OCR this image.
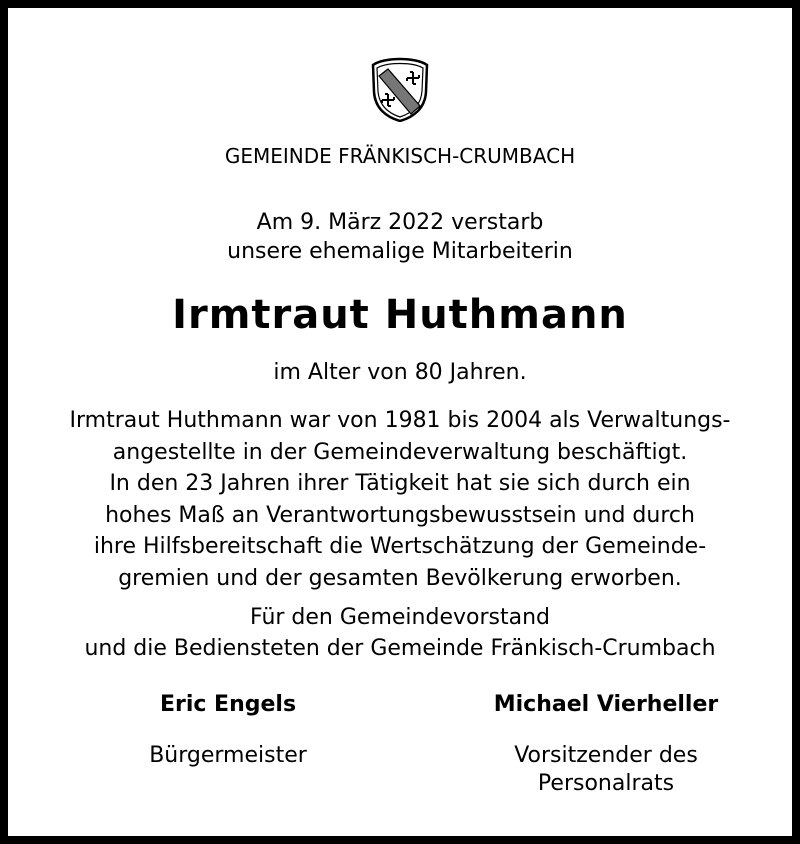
GEMEINDE FRÄNKISCH-CRUMBACH
Am 9. März 2022 verstarb
unsere ehemalige Mitarbeiterin
Irmtraut Huthmann
im Alter von 80 Jahren.
Irmtraut Huthmann war von 1981 bis 2004 als Verwaltungs-
angestellte in der Gemeindeverwaltung beschäftigt.
In den 23 Jahren ihrer Tätigkeit hat sie sich durch ein
hohes Maß an Verantwortungsbewusstsein und durch
ihre Hilfsbereitschaft die Wertschätzung der Gemeinde-
gremien und der gesamten Bevölkerung erworben.
Für den Gemeindevorstand
und die Bediensteten der Gemeinde Fränkisch-Crumbach
Eric Engels
Bürgermeister
Michael Vierheller
Vorsitzender des
Personalrats
